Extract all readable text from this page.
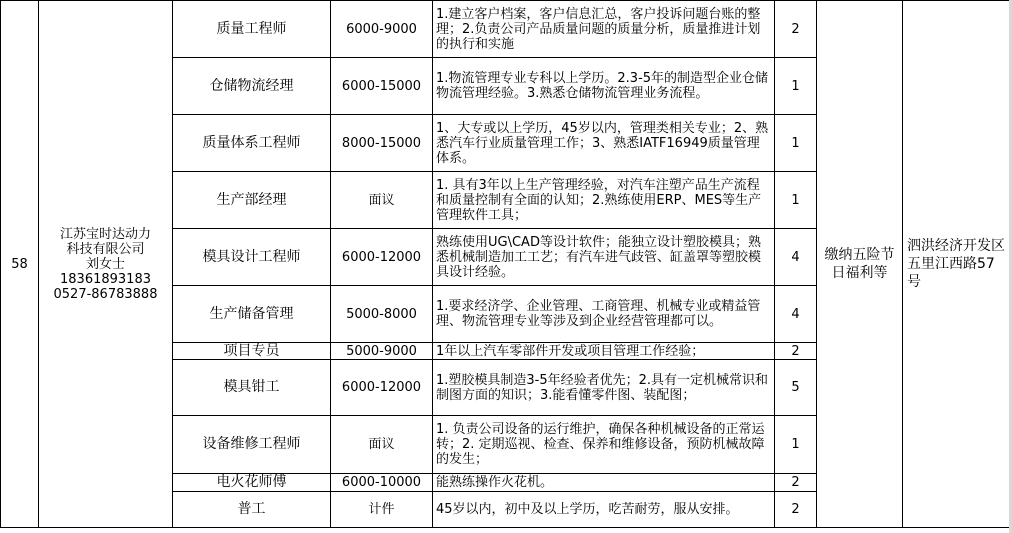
58	江苏宝时达动力
科技有限公司
刘女士
18361893183
0527-86783888	质量工程师	6000-9000	1.建立客户档案，客户信息汇总，客户投诉问题台账的整理；2.负责公司产品质量问题的质量分析，质量推进计划的执行和实施	2	缴纳五险节日福利等	泗洪经济开发区五里江西路57号
		仓储物流经理	6000-15000	1.物流管理专业专科以上学历。2.3-5年的制造型企业仓储物流管理经验。3.熟悉仓储物流管理业务流程。	1		
		质量体系工程师	8000-15000	1、大专或以上学历，45岁以内，管理类相关专业；2、熟悉汽车行业质量管理工作；3、熟悉IATF16949质量管理体系。	1		
		生产部经理	面议	1. 具有3年以上生产管理经验，对汽车注塑产品生产流程和质量控制有全面的认知；2.熟练使用ERP、MES等生产管理软件工具；	1		
		模具设计工程师	6000-12000	熟练使用UG\CAD等设计软件；能独立设计塑胶模具；熟悉机械制造加工工艺；有汽车进气歧管、缸盖罩等塑胶模具设计经验。	4		
		生产储备管理	5000-8000	1.要求经济学、企业管理、工商管理、机械专业或精益管理、物流管理专业等涉及到企业经营管理都可以。	4		
		项目专员	5000-9000	1年以上汽车零部件开发或项目管理工作经验；	2		
		模具钳工	6000-12000	1.塑胶模具制造3-5年经验者优先；2.具有一定机械常识和制图方面的知识；3.能看懂零件图、装配图；	5		
		设备维修工程师	面议	1. 负责公司设备的运行维护，确保各种机械设备的正常运转；2. 定期巡视、检查、保养和维修设备，预防机械故障的发生；	1		
		电火花师傅	6000-10000	能熟练操作火花机。	2		
		普工	计件	45岁以内，初中及以上学历，吃苦耐劳，服从安排。	2		
